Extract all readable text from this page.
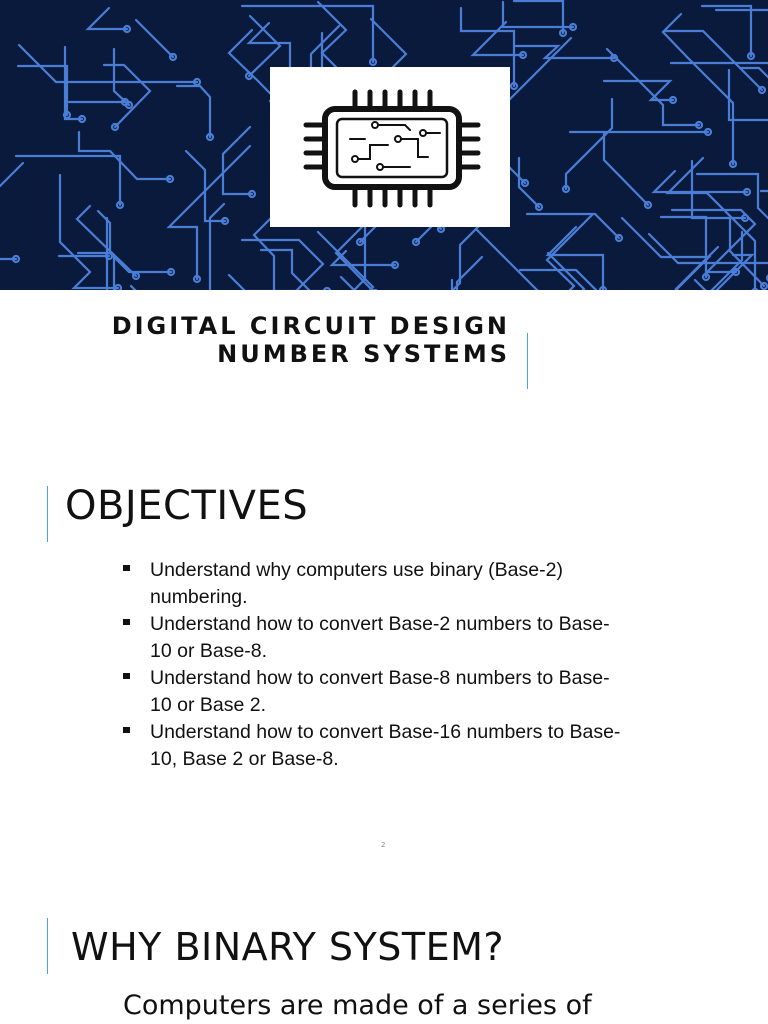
DIGITAL CIRCUIT DESIGN
NUMBER SYSTEMS
OBJECTIVES
Understand why computers use binary (Base-2)
numbering.
Understand how to convert Base-2 numbers to Base-
10 or Base-8.
Understand how to convert Base-8 numbers to Base-
10 or Base 2.
Understand how to convert Base-16 numbers to Base-
10, Base 2 or Base-8.
2
WHY BINARY SYSTEM?
Computers are made of a series of
